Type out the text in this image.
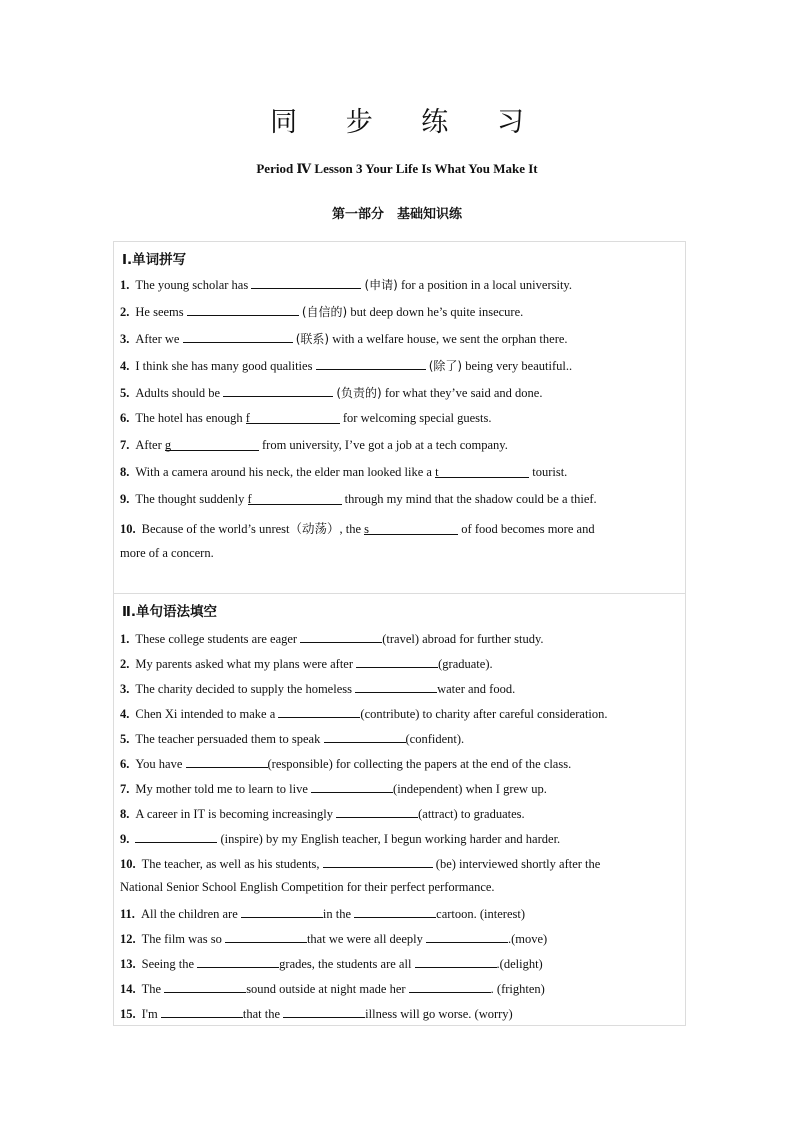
同 步 练 习
Period Ⅳ Lesson 3 Your Life Is What You Make It
第一部分　基础知识练
Ⅰ.单词拼写
1. The young scholar has	(申请) for a position in a local university.
2. He seems	(自信的) but deep down he’s quite insecure.
3. After we	(联系) with a welfare house, we sent the orphan there.
4. I think she has many good qualities	(除了) being very beautiful..
5. Adults should be	(负责的) for what they’ve said and done.
6. The hotel has enough f	for welcoming special guests.
7. After g	from university, I’ve got a job at a tech company.
8. With a camera around his neck, the elder man looked like a t	tourist.
9. The thought suddenly f	through my mind that the shadow could be a thief.
10. Because of the world’s unrest（动荡）, the s	of food becomes more and
more of a concern.
Ⅱ.单句语法填空
1. These college students are eager	(travel) abroad for further study.
2. My parents asked what my plans were after	(graduate).
3. The charity decided to supply the homeless	water and food.
4. Chen Xi intended to make a	(contribute) to charity after careful consideration.
5. The teacher persuaded them to speak	(confident).
6. You have	(responsible) for collecting the papers at the end of the class.
7. My mother told me to learn to live	(independent) when I grew up.
8. A career in IT is becoming increasingly	(attract) to graduates.
9.	(inspire) by my English teacher, I begun working harder and harder.
10. The teacher, as well as his students,	(be) interviewed shortly after the
National Senior School English Competition for their perfect performance.
11. All the children are	in the	cartoon. (interest)
12. The film was so	that we were all deeply	.(move)
13. Seeing the	grades, the students are all	.(delight)
14. The	sound outside at night made her	. (frighten)
15. I'm	that the	illness will go worse. (worry)
